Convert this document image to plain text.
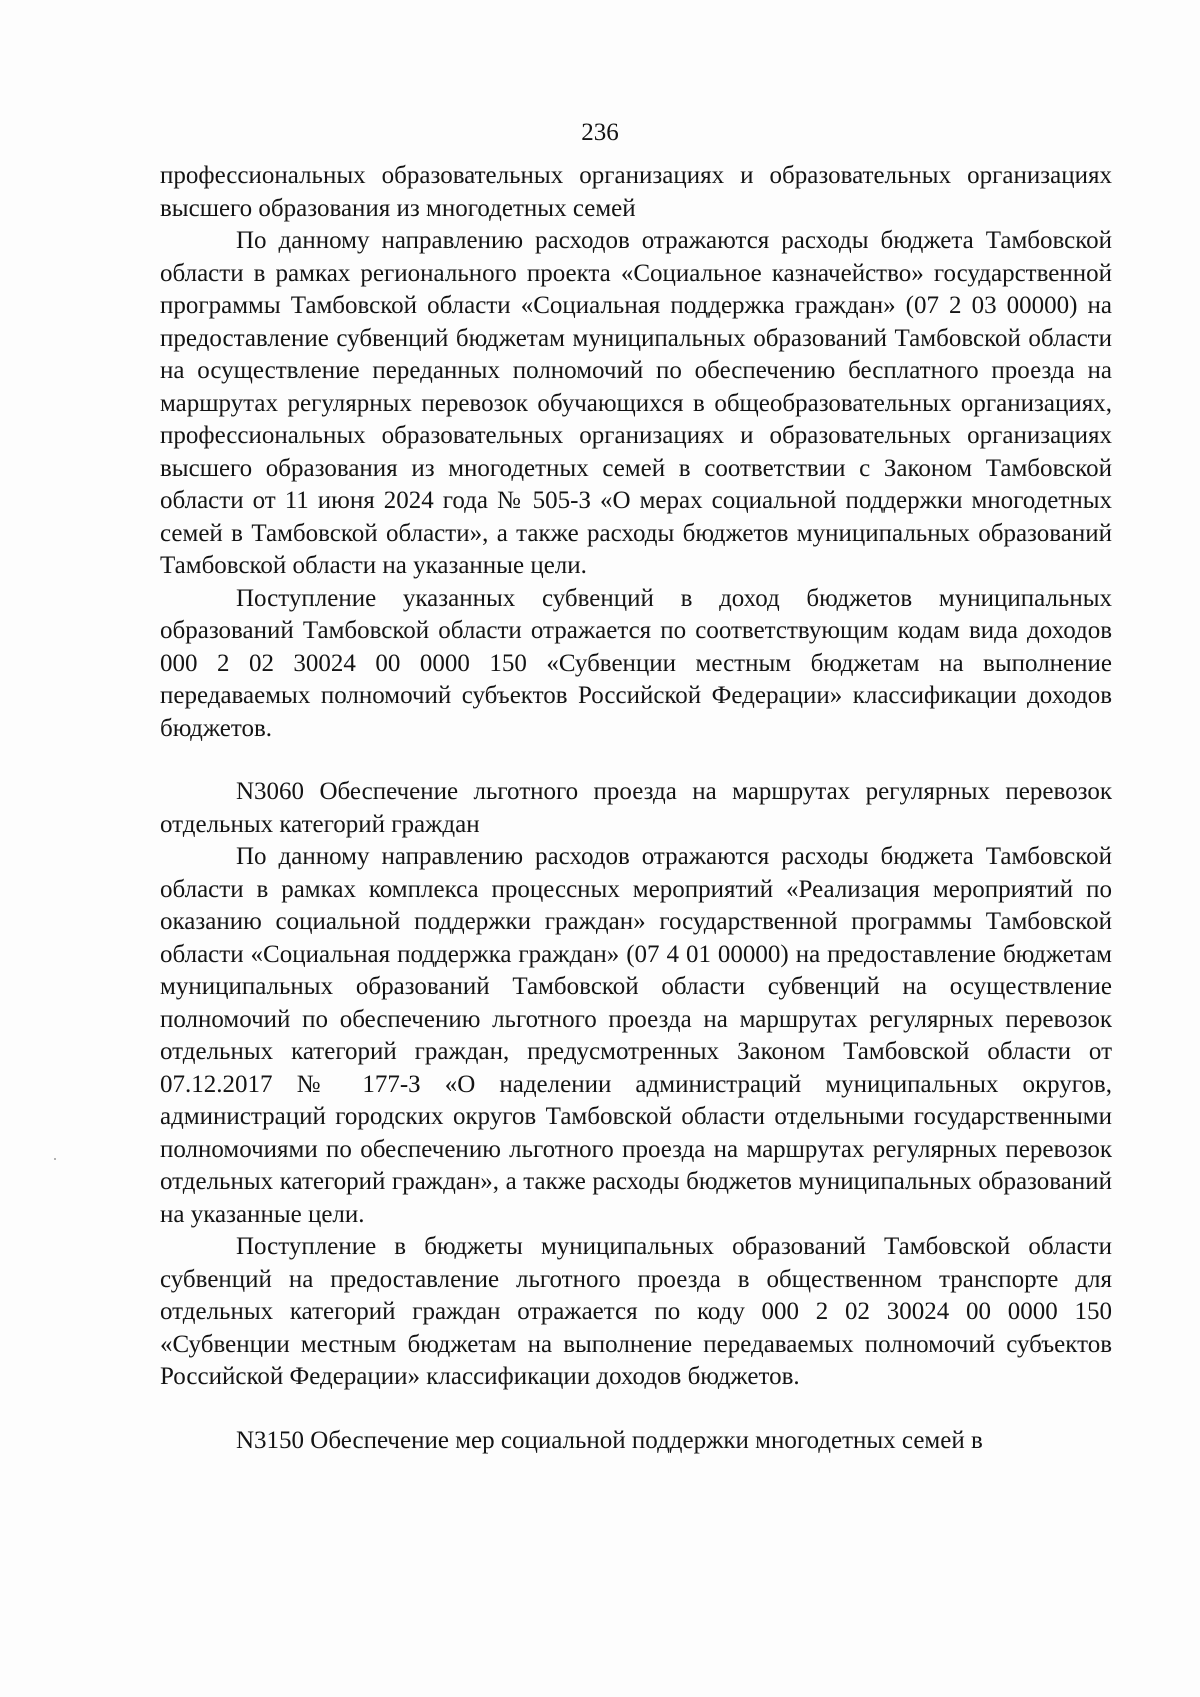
236

профессиональных образовательных организациях и образовательных организациях высшего образования из многодетных семей

По данному направлению расходов отражаются расходы бюджета Тамбовской области в рамках регионального проекта «Социальное казначейство» государственной программы Тамбовской области «Социальная поддержка граждан» (07 2 03 00000) на предоставление субвенций бюджетам муниципальных образований Тамбовской области на осуществление переданных полномочий по обеспечению бесплатного проезда на маршрутах регулярных перевозок обучающихся в общеобразовательных организациях, профессиональных образовательных организациях и образовательных организациях высшего образования из многодетных семей в соответствии с Законом Тамбовской области от 11 июня 2024 года № 505-З «О мерах социальной поддержки многодетных семей в Тамбовской области», а также расходы бюджетов муниципальных образований Тамбовской области на указанные цели.

Поступление указанных субвенций в доход бюджетов муниципальных образований Тамбовской области отражается по соответствующим кодам вида доходов 000 2 02 30024 00 0000 150 «Субвенции местным бюджетам на выполнение передаваемых полномочий субъектов Российской Федерации» классификации доходов бюджетов.

N3060 Обеспечение льготного проезда на маршрутах регулярных перевозок отдельных категорий граждан

По данному направлению расходов отражаются расходы бюджета Тамбовской области в рамках комплекса процессных мероприятий «Реализация мероприятий по оказанию социальной поддержки граждан» государственной программы Тамбовской области «Социальная поддержка граждан» (07 4 01 00000) на предоставление бюджетам муниципальных образований Тамбовской области субвенций на осуществление полномочий по обеспечению льготного проезда на маршрутах регулярных перевозок отдельных категорий граждан, предусмотренных Законом Тамбовской области от 07.12.2017 № 177-З «О наделении администраций муниципальных округов, администраций городских округов Тамбовской области отдельными государственными полномочиями по обеспечению льготного проезда на маршрутах регулярных перевозок отдельных категорий граждан», а также расходы бюджетов муниципальных образований на указанные цели.

Поступление в бюджеты муниципальных образований Тамбовской области субвенций на предоставление льготного проезда в общественном транспорте для отдельных категорий граждан отражается по коду 000 2 02 30024 00 0000 150 «Субвенции местным бюджетам на выполнение передаваемых полномочий субъектов Российской Федерации» классификации доходов бюджетов.

N3150 Обеспечение мер социальной поддержки многодетных семей в
